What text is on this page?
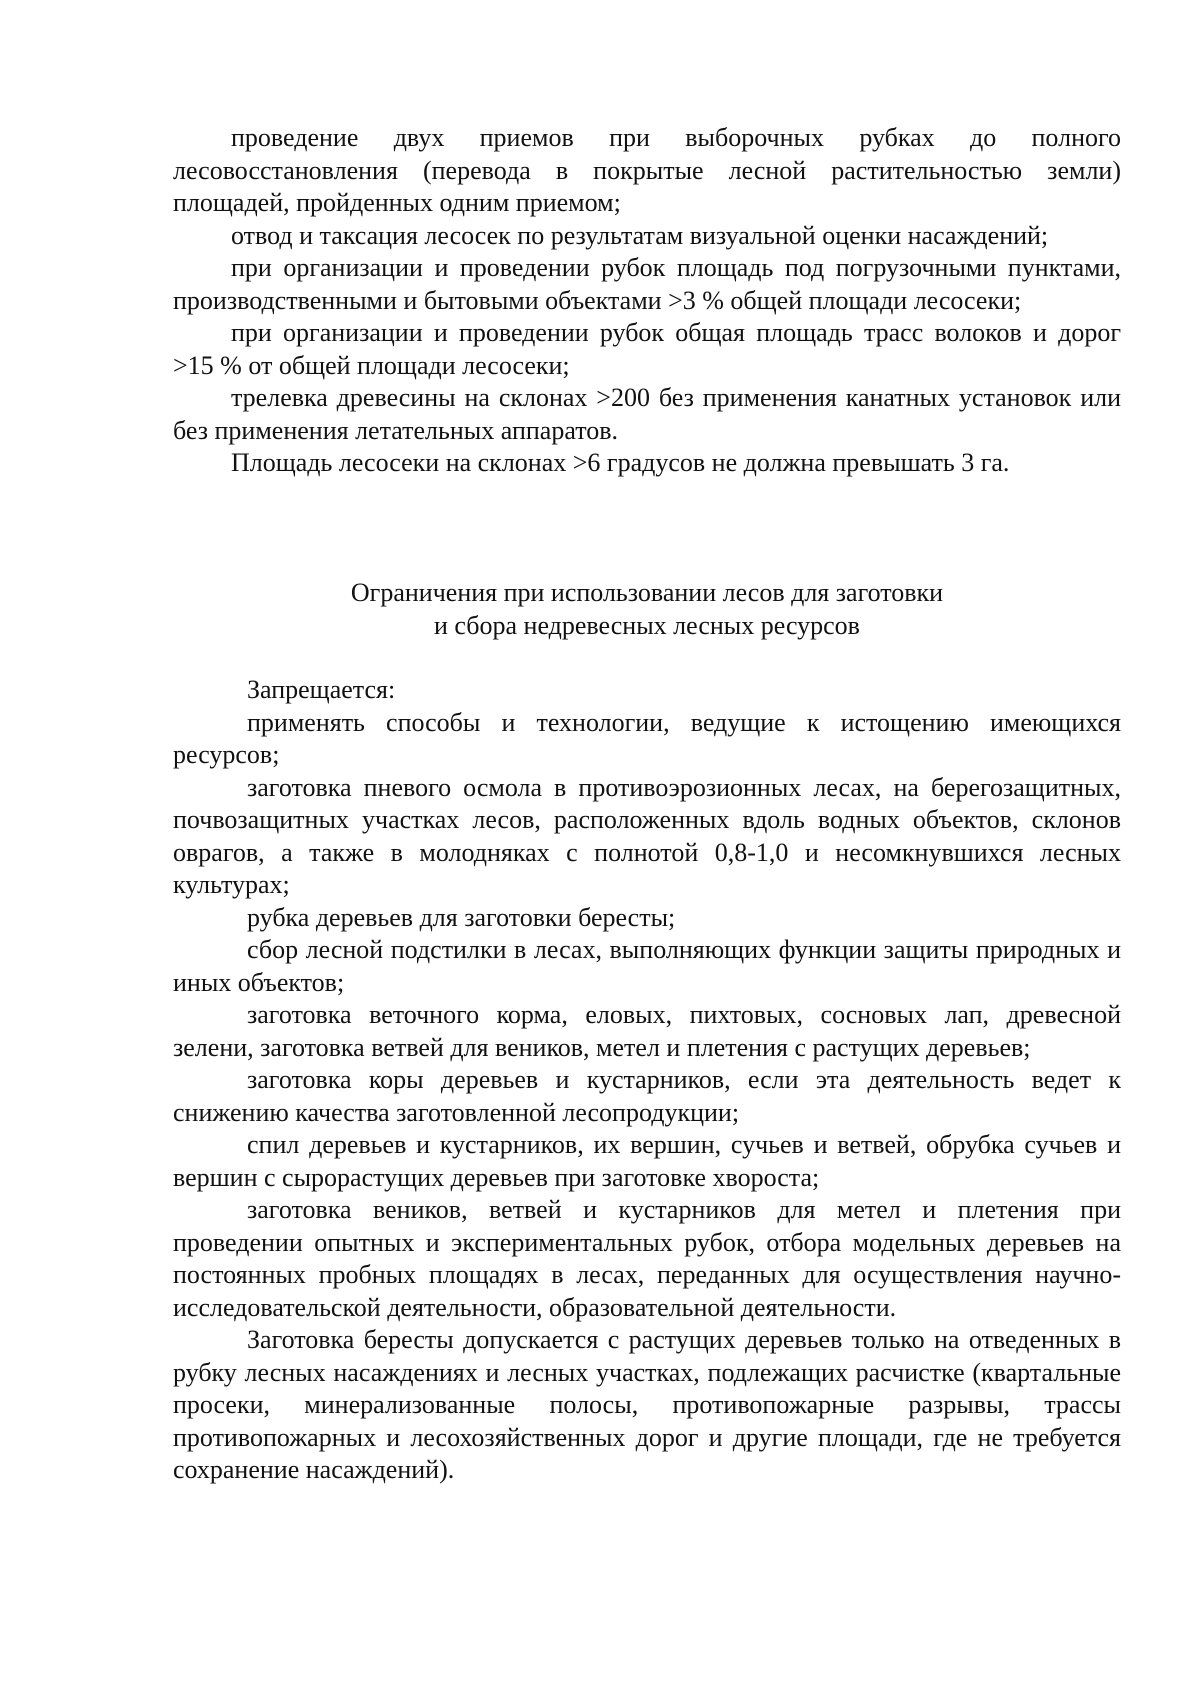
проведение двух приемов при выборочных рубках до полного лесовосстановления (перевода в покрытые лесной растительностью земли) площадей, пройденных одним приемом;

отвод и таксация лесосек по результатам визуальной оценки насаждений;

при организации и проведении рубок площадь под погрузочными пунктами, производственными и бытовыми объектами >3 % общей площади лесосеки;

при организации и проведении рубок общая площадь трасс волоков и дорог >15 % от общей площади лесосеки;

трелевка древесины на склонах >200 без применения канатных установок или без применения летательных аппаратов.

Площадь лесосеки на склонах >6 градусов не должна превышать 3 га.

Ограничения при использовании лесов для заготовки
и сбора недревесных лесных ресурсов

Запрещается:

применять способы и технологии, ведущие к истощению имеющихся ресурсов;

заготовка пневого осмола в противоэрозионных лесах, на берегозащитных, почвозащитных участках лесов, расположенных вдоль водных объектов, склонов оврагов, а также в молодняках с полнотой 0,8-1,0 и несомкнувшихся лесных культурах;

рубка деревьев для заготовки бересты;

сбор лесной подстилки в лесах, выполняющих функции защиты природных и иных объектов;

заготовка веточного корма, еловых, пихтовых, сосновых лап, древесной зелени, заготовка ветвей для веников, метел и плетения с растущих деревьев;

заготовка коры деревьев и кустарников, если эта деятельность ведет к снижению качества заготовленной лесопродукции;

спил деревьев и кустарников, их вершин, сучьев и ветвей, обрубка сучьев и вершин с сырорастущих деревьев при заготовке хвороста;

заготовка веников, ветвей и кустарников для метел и плетения при проведении опытных и экспериментальных рубок, отбора модельных деревьев на постоянных пробных площадях в лесах, переданных для осуществления научно-исследовательской деятельности, образовательной деятельности.

Заготовка бересты допускается с растущих деревьев только на отведенных в рубку лесных насаждениях и лесных участках, подлежащих расчистке (квартальные просеки, минерализованные полосы, противопожарные разрывы, трассы противопожарных и лесохозяйственных дорог и другие площади, где не требуется сохранение насаждений).
